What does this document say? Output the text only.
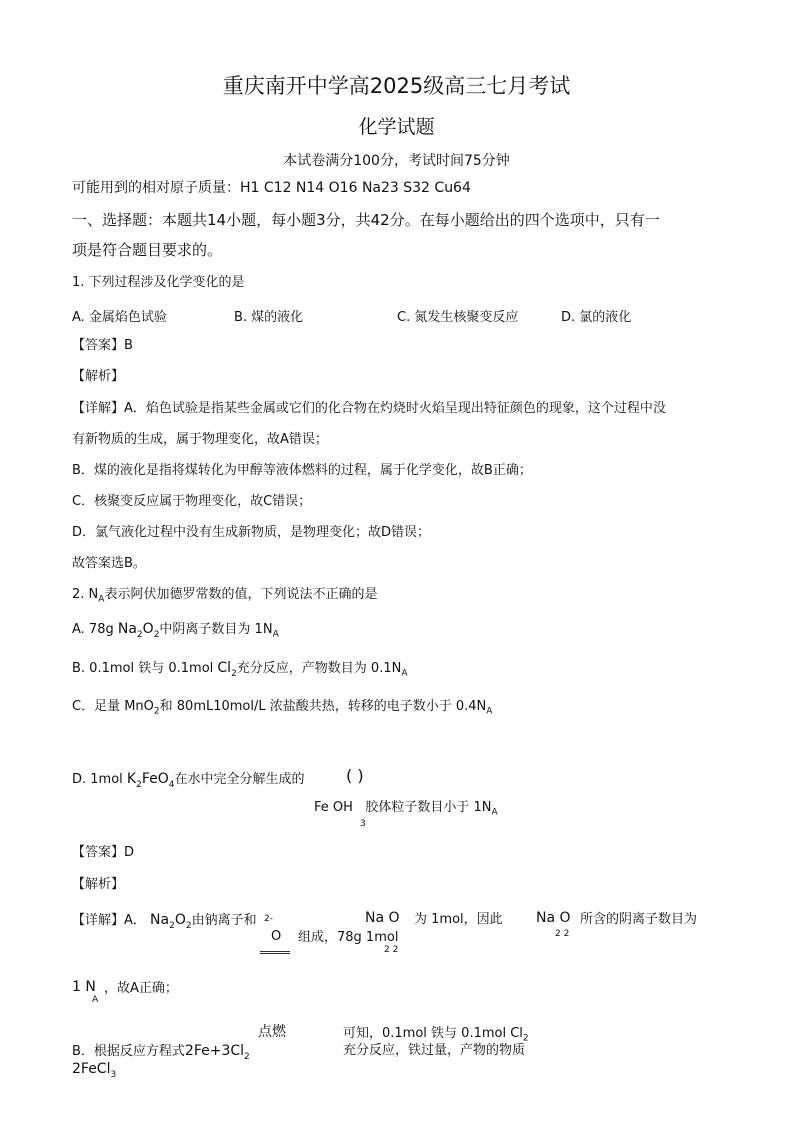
重庆南开中学高2025级高三七月考试
化学试题
本试卷满分100分，考试时间75分钟
可能用到的相对原子质量：H1 C12 N14 O16 Na23 S32 Cu64
一、选择题：本题共14小题，每小题3分，共42分。在每小题给出的四个选项中，只有一
项是符合题目要求的。
1. 下列过程涉及化学变化的是
A. 金属焰色试验	B. 煤的液化	C. 氮发生核聚变反应	D. 氯的液化
【答案】B
【解析】
【详解】A．焰色试验是指某些金属或它们的化合物在灼烧时火焰呈现出特征颜色的现象，这个过程中没
有新物质的生成，属于物理变化，故A错误；
B．煤的液化是指将煤转化为甲醇等液体燃料的过程，属于化学变化，故B正确；
C．核聚变反应属于物理变化，故C错误；
D．氯气液化过程中没有生成新物质，是物理变化；故D错误；
故答案选B。
2. $N_A$表示阿伏加德罗常数的值，下列说法不正确的是
A. 78g $Na_2O_2$中阴离子数目为 $1N_A$
B. 0.1mol 铁与 0.1mol $Cl_2$充分反应，产物数目为 $0.1N_A$
C．足量 MnO$_2$和 80mL10mol/L 浓盐酸共热，转移的电子数小于 $0.4N_A$
D. 1mol $K_2FeO_4$在水中完全分解生成的	( )
Fe OH 胶体粒子数目小于 $1N_A$
3
【答案】D
【解析】
【详解】A． $Na_2O_2$由钠离子和 2-
O 组成，78g 1mol
2 2
Na O 为 1mol，因此 Na O
2 2
所含的阴离子数目为
1 N
A
，故A正确；
点燃	可知，0.1mol 铁与 0.1mol $Cl_2$
B．根据反应方程式$2Fe+3Cl_2$	充分反应，铁过量，产物的物质
2FeCl$_3$
